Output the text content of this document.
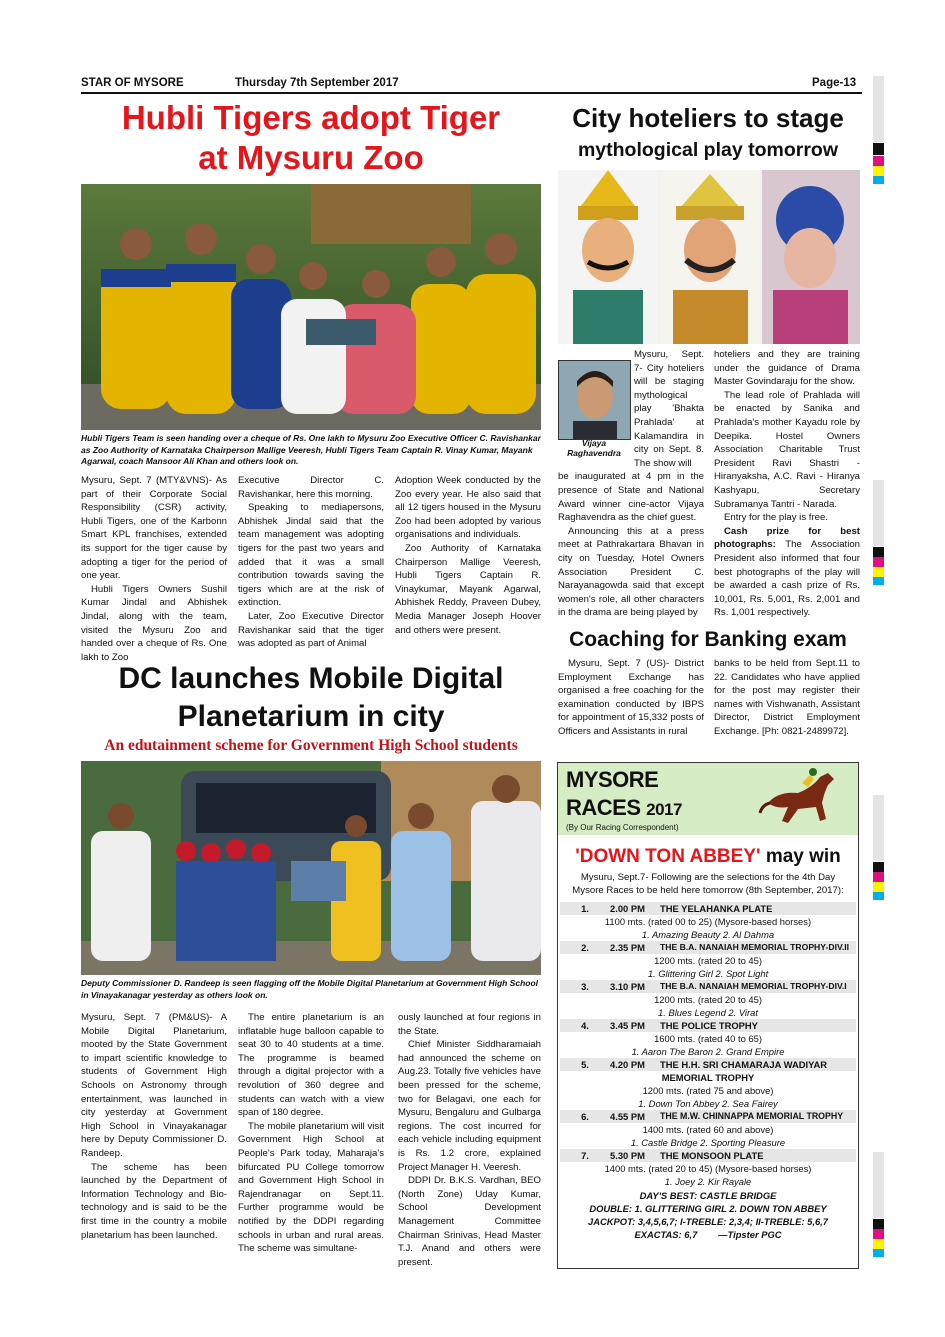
STAR OF MYSORE	Thursday 7th September 2017	Page-13
Hubli Tigers adopt Tiger
at Mysuru Zoo
Hubli Tigers Team is seen handing over a cheque of Rs. One lakh to Mysuru Zoo Executive Officer C. Ravishankar as Zoo Authority of Karnataka Chairperson Mallige Veeresh, Hubli Tigers Team Captain R. Vinay Kumar, Mayank Agarwal, coach Mansoor Ali Khan and others look on.

Mysuru, Sept. 7 (MTY&VNS)- As part of their Corporate Social Responsibility (CSR) activity, Hubli Tigers, one of the Karbonn Smart KPL franchises, extended its support for the tiger cause by adopting a tiger for the period of one year.

Hubli Tigers Owners Sushil Kumar Jindal and Abhishek Jindal, along with the team, visited the Mysuru Zoo and handed over a cheque of Rs. One lakh to Zoo

Executive Director C. Ravishankar, here this morning.

Speaking to mediapersons, Abhishek Jindal said that the team management was adopting tigers for the past two years and added that it was a small contribution towards saving the tigers which are at the risk of extinction.

Later, Zoo Executive Director Ravishankar said that the tiger was adopted as part of Animal

Adoption Week conducted by the Zoo every year. He also said that all 12 tigers housed in the Mysuru Zoo had been adopted by various organisations and individuals.

Zoo Authority of Karnataka Chairperson Mallige Veeresh, Hubli Tigers Captain R. Vinaykumar, Mayank Agarwal, Abhishek Reddy, Praveen Dubey, Media Manager Joseph Hoover and others were present.

DC launches Mobile Digital
Planetarium in city
An edutainment scheme for Government High School students
Deputy Commissioner D. Randeep is seen flagging off the Mobile Digital Planetarium at Government High School in Vinayakanagar yesterday as others look on.

Mysuru, Sept. 7 (PM&US)- A Mobile Digital Planetarium, mooted by the State Government to impart scientific knowledge to students of Government High Schools on Astronomy through entertainment, was launched in city yesterday at Government High School in Vinayakanagar here by Deputy Commissioner D. Randeep.

The scheme has been launched by the Department of Information Technology and Bio-technology and is said to be the first time in the country a mobile planetarium has been launched.

The entire planetarium is an inflatable huge balloon capable to seat 30 to 40 students at a time. The programme is beamed through a digital projector with a revolution of 360 degree and students can watch with a view span of 180 degree.

The mobile planetarium will visit Government High School at People's Park today, Maharaja's bifurcated PU College tomorrow and Government High School in Rajendranagar on Sept.11. Further programme would be notified by the DDPI regarding schools in urban and rural areas. The scheme was simultane-

ously launched at four regions in the State.

Chief Minister Siddharamaiah had announced the scheme on Aug.23. Totally five vehicles have been pressed for the scheme, two for Belagavi, one each for Mysuru, Bengaluru and Gulbarga regions. The cost incurred for each vehicle including equipment is Rs. 1.2 crore, explained Project Manager H. Veeresh.

DDPI Dr. B.K.S. Vardhan, BEO (North Zone) Uday Kumar, School Development Management Committee Chairman Srinivas, Head Master T.J. Anand and others were present.

City hoteliers to stage
mythological play tomorrow
Vijaya
Raghavendra

Mysuru, Sept. 7- City hoteliers will be staging mythological play 'Bhakta Prahlada' at Kalamandira in city on Sept. 8. The show will

be inaugurated at 4 pm in the presence of State and National Award winner cine-actor Vijaya Raghavendra as the chief guest.

Announcing this at a press meet at Pathrakartara Bhavan in city on Tuesday, Hotel Owners Association President C. Narayanagowda said that except women's role, all other characters in the drama are being played by

hoteliers and they are training under the guidance of Drama Master Govindaraju for the show.

The lead role of Prahlada will be enacted by Sanika and Prahlada's mother Kayadu role by Deepika. Hostel Owners Association Charitable Trust President Ravi Shastri - Hiranyaksha, A.C. Ravi - Hiranya Kashyapu, Secretary Subramanya Tantri - Narada.

Entry for the play is free.

Cash prize for best photographs: The Association President also informed that four best photographs of the play will be awarded a cash prize of Rs. 10,001, Rs. 5,001, Rs. 2,001 and Rs. 1,001 respectively.

Coaching for Banking exam

Mysuru, Sept. 7 (US)- District Employment Exchange has organised a free coaching for the examination conducted by IBPS for appointment of 15,332 posts of Officers and Assistants in rural

banks to be held from Sept.11 to 22. Candidates who have applied for the post may register their names with Vishwanath, Assistant Director, District Employment Exchange. [Ph: 0821-2489972].

MYSORE
RACES 2017
(By Our Racing Correspondent)
'DOWN TON ABBEY' may win
Mysuru, Sept.7- Following are the selections for the 4th Day Mysore Races to be held here tomorrow (8th September, 2017):
1.	2.00 PM	THE YELAHANKA PLATE
1100 mts. (rated 00 to 25) (Mysore-based horses)
1. Amazing Beauty 2. Al Dahma
2.	2.35 PM	THE B.A. NANAIAH MEMORIAL TROPHY-DIV.II
1200 mts. (rated 20 to 45)
1. Glittering Girl 2. Spot Light
3.	3.10 PM	THE B.A. NANAIAH MEMORIAL TROPHY-DIV.I
1200 mts. (rated 20 to 45)
1. Blues Legend 2. Virat
4.	3.45 PM	THE POLICE TROPHY
1600 mts. (rated 40 to 65)
1. Aaron The Baron 2. Grand Empire
5.	4.20 PM	THE H.H. SRI CHAMARAJA WADIYAR
MEMORIAL TROPHY
1200 mts. (rated 75 and above)
1. Down Ton Abbey 2. Sea Fairey
6.	4.55 PM	THE M.W. CHINNAPPA MEMORIAL TROPHY
1400 mts. (rated 60 and above)
1. Castle Bridge 2. Sporting Pleasure
7.	5.30 PM	THE MONSOON PLATE
1400 mts. (rated 20 to 45) (Mysore-based horses)
1. Joey 2. Kir Rayale
DAY'S BEST: CASTLE BRIDGE
DOUBLE: 1. GLITTERING GIRL 2. DOWN TON ABBEY
JACKPOT: 3,4,5,6,7; I-TREBLE: 2,3,4; II-TREBLE: 5,6,7
EXACTAS: 6,7 —Tipster PGC
